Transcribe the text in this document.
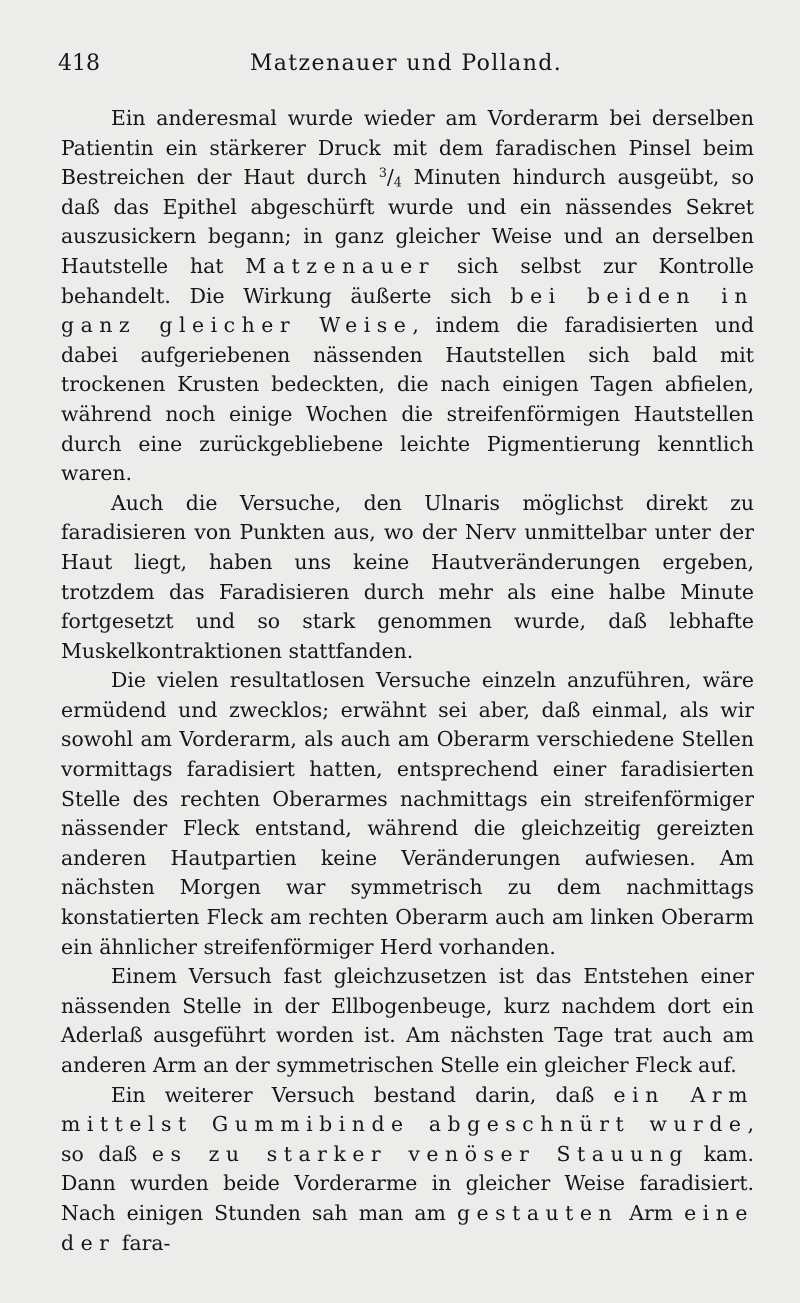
418	Matzenauer und Polland.

Ein anderesmal wurde wieder am Vorderarm bei derselben Patientin ein stärkerer Druck mit dem faradischen Pinsel beim Bestreichen der Haut durch $^3/_4$ Minuten hindurch ausgeübt, so daß das Epithel abgeschürft wurde und ein nässendes Sekret auszusickern begann; in ganz gleicher Weise und an derselben Hautstelle hat Matzenauer sich selbst zur Kontrolle behandelt. Die Wirkung äußerte sich bei beiden in ganz gleicher Weise, indem die faradisierten und dabei aufgeriebenen nässenden Hautstellen sich bald mit trockenen Krusten bedeckten, die nach einigen Tagen abfielen, während noch einige Wochen die streifenförmigen Hautstellen durch eine zurückgebliebene leichte Pigmentierung kenntlich waren.

Auch die Versuche, den Ulnaris möglichst direkt zu faradisieren von Punkten aus, wo der Nerv unmittelbar unter der Haut liegt, haben uns keine Hautveränderungen ergeben, trotzdem das Faradisieren durch mehr als eine halbe Minute fortgesetzt und so stark genommen wurde, daß lebhafte Muskelkontraktionen stattfanden.

Die vielen resultatlosen Versuche einzeln anzuführen, wäre ermüdend und zwecklos; erwähnt sei aber, daß einmal, als wir sowohl am Vorderarm, als auch am Oberarm verschiedene Stellen vormittags faradisiert hatten, entsprechend einer faradisierten Stelle des rechten Oberarmes nachmittags ein streifenförmiger nässender Fleck entstand, während die gleichzeitig gereizten anderen Hautpartien keine Veränderungen aufwiesen. Am nächsten Morgen war symmetrisch zu dem nachmittags konstatierten Fleck am rechten Oberarm auch am linken Oberarm ein ähnlicher streifenförmiger Herd vorhanden.

Einem Versuch fast gleichzusetzen ist das Entstehen einer nässenden Stelle in der Ellbogenbeuge, kurz nachdem dort ein Aderlaß ausgeführt worden ist. Am nächsten Tage trat auch am anderen Arm an der symmetrischen Stelle ein gleicher Fleck auf.

Ein weiterer Versuch bestand darin, daß ein Arm mittelst Gummibinde abgeschnürt wurde, so daß es zu starker venöser Stauung kam. Dann wurden beide Vorderarme in gleicher Weise faradisiert. Nach einigen Stunden sah man am gestauten Arm eine der fara-
